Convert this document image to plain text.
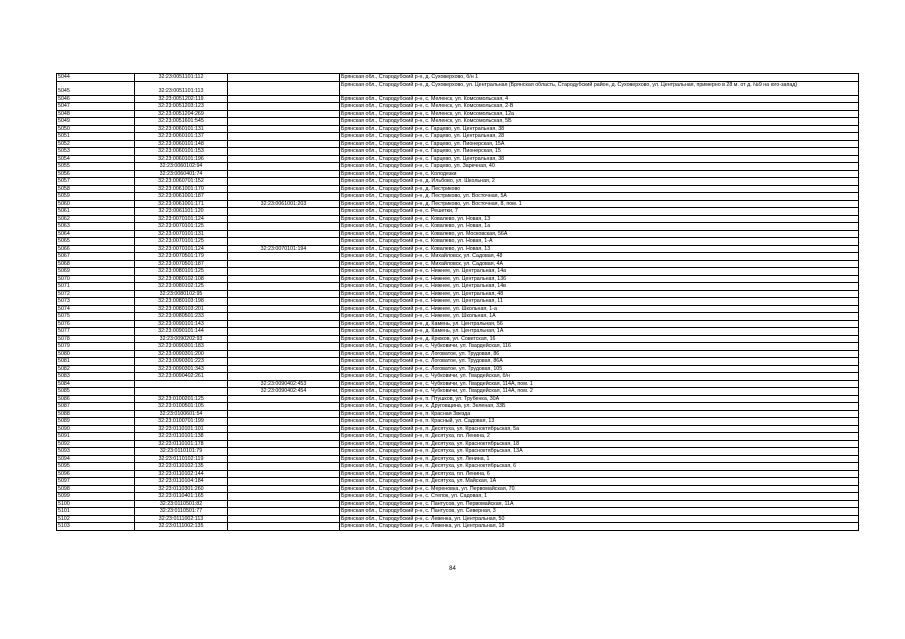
5044	32:23:0051101:112		Брянская обл., Стародубский р-н, д. Суховерхово, б/н 1
5045	32:23:0051101:113		Брянская обл., Стародубский р-н, д. Суховерхово, ул. Центральная (Брянская область, Стародубский район, д. Суховерхово, ул. Центральная, примерно в 28 м. от д. №9 на юго-запад)
5046	32:23:0051202:119		Брянская обл., Стародубский р-н, с. Меленск, ул. Комсомольская, 4
5047	32:23:0051203:123		Брянская обл., Стародубский р-н, с. Меленск, ул. Комсомольская, 2-В
5048	32:23:0051204:269		Брянская обл., Стародубский р-н, с. Меленск, ул. Комсомольская, 12а
5049	32:23:0051601:545		Брянская обл., Стародубский р-н, с. Меленск, ул. Комсомольская, 5Б
5050	32:23:0060101:131		Брянская обл., Стародубский р-н, с. Гарцево, ул. Центральная, 38
5051	32:23:0060101:137		Брянская обл., Стародубский р-н, с. Гарцево, ул. Центральная, 28
5052	32:23:0060101:148		Брянская обл., Стародубский р-н, с. Гарцево, ул. Пионерская, 15А
5053	32:23:0060101:153		Брянская обл., Стародубский р-н, с. Гарцево, ул. Пионерская, 15
5054	32:23:0060101:196		Брянская обл., Стародубский р-н, с. Гарцево, ул. Центральная, 38
5055	32:23:0060102:94		Брянская обл., Стародубский р-н, с. Гарцево, ул. Заречная, 40
5056	32:23:0060401:74		Брянская обл., Стародубский р-н, с. Колодезки
5057	32:23:0060701:152		Брянская обл., Стародубский р-н, д. Ильбово, ул. Школьная, 2
5058	32:23:0061001:170		Брянская обл., Стародубский р-н, д. Пестриково
5059	32:23:0061001:187		Брянская обл., Стародубский р-н, д. Пестриково, ул. Восточная, 5А
5060	32:23:0061001:171	32:23:0061001:203	Брянская обл., Стародубский р-н, д. Пестриково, ул. Восточная, 8, пом. 1
5061	32:23:0061101:120		Брянская обл., Стародубский р-н, с. Решетки, 7
5062	32:23:0070101:124		Брянская обл., Стародубский р-н, с. Ковалево, ул. Новая, 13
5063	32:23:0070101:125		Брянская обл., Стародубский р-н, с. Ковалево, ул. Новая, 1а
5064	32:23:0070101:131		Брянская обл., Стародубский р-н, с. Ковалево, ул. Московская, 56А
5065	32:23:0070101:125		Брянская обл., Стародубский р-н, с. Ковалево, ул. Новая, 1-А
5066	32:23:0070101:124	32:23:0070101:194	Брянская обл., Стародубский р-н, с. Ковалево, ул. Новая, 13
5067	32:23:0070501:179		Брянская обл., Стародубский р-н, с. Михайловск, ул. Садовая, 48
5068	32:23:0070501:187		Брянская обл., Стародубский р-н, с. Михайловск, ул. Садовая, 4А
5069	32:23:0080101:125		Брянская обл., Стародубский р-н, с. Нижнее, ул. Центральная, 14а
5070	32:23:0080102:108		Брянская обл., Стародубский р-н, с. Нижнее, ул. Центральная, 136
5071	32:23:0080102:125		Брянская обл., Стародубский р-н, с. Нижнее, ул. Центральная, 14в
5072	32:23:0080102:95		Брянская обл., Стародубский р-н, с. Нижнее, ул. Центральная, 48
5073	32:23:0080103:198		Брянская обл., Стародубский р-н, с. Нижнее, ул. Центральная, 11
5074	32:23:0080103:201		Брянская обл., Стародубский р-н, с. Нижнее, ул. Школьная, 1-а
5075	32:23:0080501:233		Брянская обл., Стародубский р-н, с. Нижнее, ул. Школьная, 1А
5076	32:23:0090101:143		Брянская обл., Стародубский р-н, д. Камень, ул. Центральная, 56
5077	32:23:0090101:144		Брянская обл., Стародубский р-н, д. Камень, ул. Центральная, 1А
5078	32:23:0090202:93		Брянская обл., Стародубский р-н, д. Крюков, ул. Советская, 16
5079	32:23:0090301:183		Брянская обл., Стародубский р-н, с. Чубковичи, ул. Гвардейская, 116
5080	32:23:0090301:200		Брянская обл., Стародубский р-н, с. Логоватое, ул. Трудовая, 86
5081	32:23:0090301:223		Брянская обл., Стародубский р-н, с. Логоватое, ул. Трудовая, 86А
5082	32:23:0090301:343		Брянская обл., Стародубский р-н, с. Логоватое, ул. Трудовая, 105
5083	32:23:0090402:261		Брянская обл., Стародубский р-н, с. Чубковичи, ул. Гвардейская, б/н
5084		32:23:0090402:453	Брянская обл., Стародубский р-н, с. Чубковичи, ул. Гвардейская, 114А, пом. 1
5085		32:23:0090402:454	Брянская обл., Стародубский р-н, с. Чубковичи, ул. Гвардейская, 114А, пом. 2
5086	32:23:0100201:125		Брянская обл., Стародубский р-н, п. Птушков, ул. Трубенка, 30А
5087	32:23:0100501:105		Брянская обл., Стародубский р-н, х. Друговщина, ул. Зеленая, 33Б
5088	32:23:0100601:54		Брянская обл., Стародубский р-н, п. Красная Звезда
5089	32:23:0100701:199		Брянская обл., Стародубский р-н, п. Красный, ул. Садовая, 13
5090	32:23:0110101:101		Брянская обл., Стародубский р-н, п. Десятуха, ул. Красноктябрьская, 5а
5091	32:23:0110101:138		Брянская обл., Стародубский р-н, п. Десятуха, пл. Ленина, 2
5092	32:23:0110101:178		Брянская обл., Стародубский р-н, п. Десятуха, ул. Красноктябрьская, 18
5093	32:23:0110101:79		Брянская обл., Стародубский р-н, п. Десятуха, ул. Красноктябрьская, 13А
5094	32:23:0110102:119		Брянская обл., Стародубский р-н, п. Десятуха, ул. Ленина, 1
5095	32:23:0110102:135		Брянская обл., Стародубский р-н, п. Десятуха, ул. Красноктябрьская, 6
5096	32:23:0110102:144		Брянская обл., Стародубский р-н, п. Десятуха, пл. Ленина, 6
5097	32:23:0110104:184		Брянская обл., Стародубский р-н, п. Десятуха, ул. Майская, 1А
5098	32:23:0110301:260		Брянская обл., Стародубский р-н, с. Мереновка, ул. Первомайская, 70
5099	32:23:0110401:165		Брянская обл., Стародубский р-н, с. Степок, ул. Садовая, 1
5100	32:23:0110501:82		Брянская обл., Стародубский р-н, с. Пантусов, ул. Первомайская, 11А
5101	32:23:0110501:77		Брянская обл., Стародубский р-н, с. Пантусов, ул. Северная, 3
5102	32:23:0111002:113		Брянская обл., Стародубский р-н, с. Левенка, ул. Центральная, 50
5103	32:23:0111002:135		Брянская обл., Стародубский р-н, с. Левенка, ул. Центральная, 18
84
